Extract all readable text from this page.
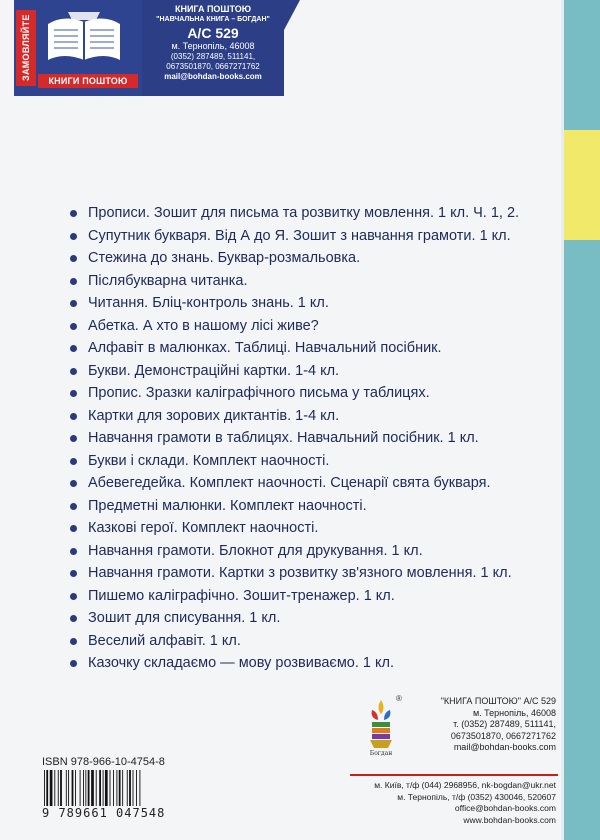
ЗАМОВЛЯЙТЕ	КНИГИ ПОШТОЮ
КНИГА ПОШТОЮ
"НАВЧАЛЬНА КНИГА – БОГДАН"
А/С 529
м. Тернопіль, 46008
(0352) 287489, 511141,
0673501870, 0667271762
mail@bohdan-books.com
Прописи. Зошит для письма та розвитку мовлення. 1 кл. Ч. 1, 2.
Супутник букваря. Від А до Я. Зошит з навчання грамоти. 1 кл.
Стежина до знань. Буквар-розмальовка.
Післябукварна читанка.
Читання. Бліц-контроль знань. 1 кл.
Абетка. А хто в нашому лісі живе?
Алфавіт в малюнках. Таблиці. Навчальний посібник.
Букви. Демонстраційні картки. 1-4 кл.
Пропис. Зразки каліграфічного письма у таблицях.
Картки для зорових диктантів. 1-4 кл.
Навчання грамоти в таблицях. Навчальний посібник. 1 кл.
Букви і склади. Комплект наочності.
Абевегедейка. Комплект наочності. Сценарії свята букваря.
Предметні малюнки. Комплект наочності.
Казкові герої. Комплект наочності.
Навчання грамоти. Блокнот для друкування. 1 кл.
Навчання грамоти. Картки з розвитку зв'язного мовлення. 1 кл.
Пишемо каліграфічно. Зошит-тренажер. 1 кл.
Зошит для списування. 1 кл.
Веселий алфавіт. 1 кл.
Казочку складаємо — мову розвиваємо. 1 кл.
Богдан
®	"КНИГА ПОШТОЮ" А/С 529
м. Тернопіль, 46008
т. (0352) 287489, 511141,
0673501870, 0667271762
mail@bohdan-books.com
ISBN 978-966-10-4754-8
9 789661 047548
м. Київ, т/ф (044) 2968956, nk-bogdan@ukr.net
м. Тернопіль, т/ф (0352) 430046, 520607
office@bohdan-books.com
www.bohdan-books.com
